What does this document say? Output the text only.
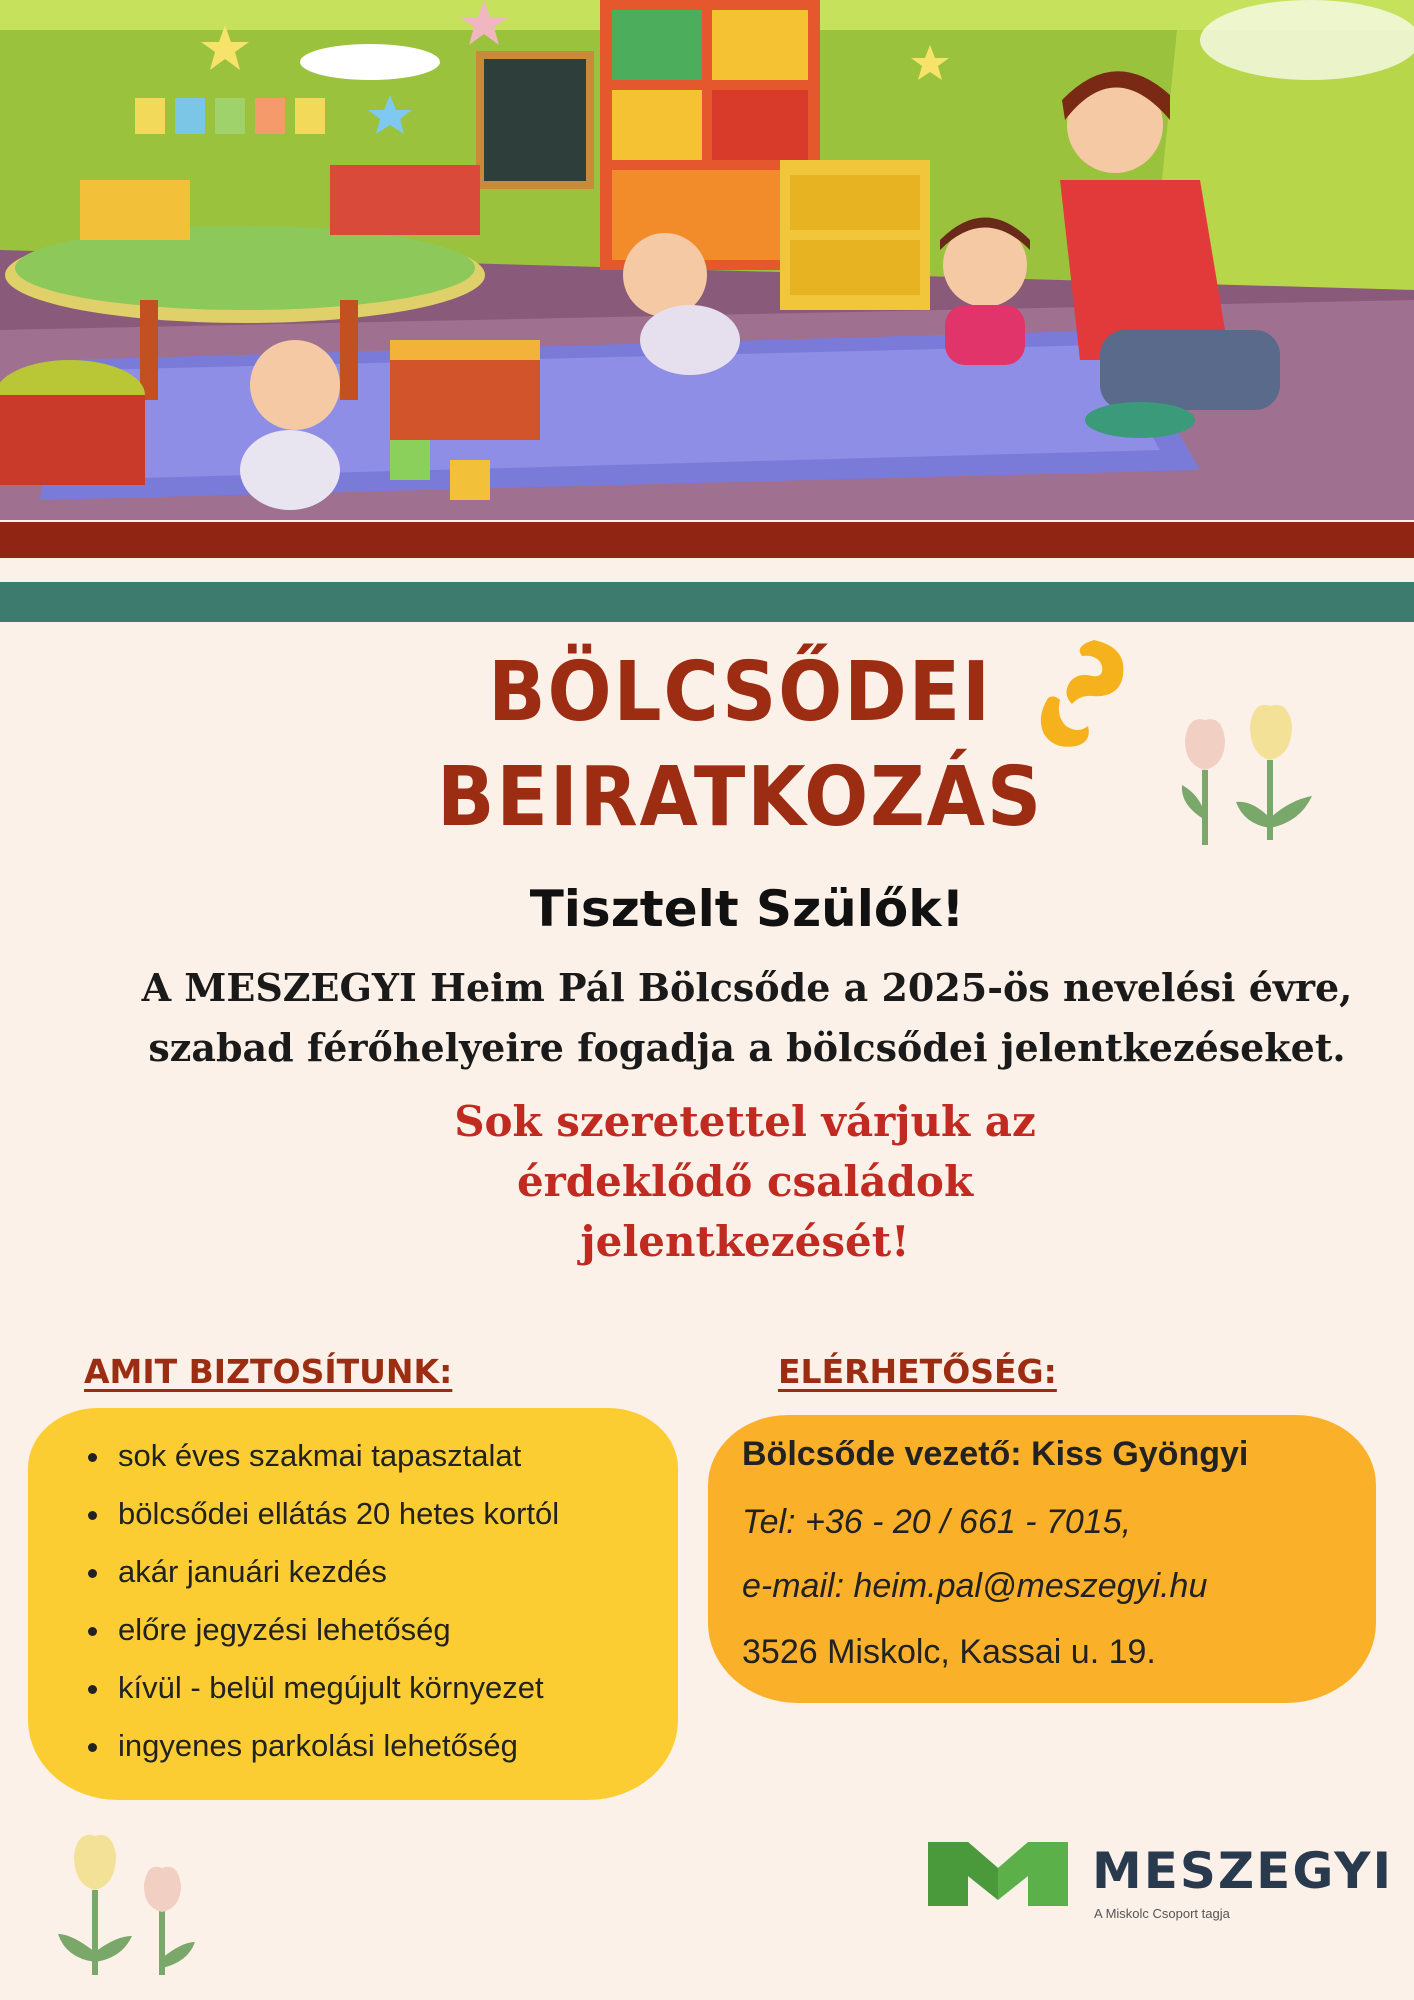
BÖLCSŐDEI
BEIRATKOZÁS
Tisztelt Szülők!
A MESZEGYI Heim Pál Bölcsőde a 2025-ös nevelési évre,
szabad férőhelyeire fogadja a bölcsődei jelentkezéseket.
Sok szeretettel várjuk az
érdeklődő családok
jelentkezését!
AMIT BIZTOSÍTUNK:	ELÉRHETŐSÉG:
sok éves szakmai tapasztalat
bölcsődei ellátás 20 hetes kortól
akár januári kezdés
előre jegyzési lehetőség
kívül - belül megújult környezet
ingyenes parkolási lehetőség
Bölcsőde vezető: Kiss Gyöngyi
Tel: +36 - 20 / 661 - 7015,
e-mail: heim.pal@meszegyi.hu
3526 Miskolc, Kassai u. 19.
MESZEGYI
A Miskolc Csoport tagja
